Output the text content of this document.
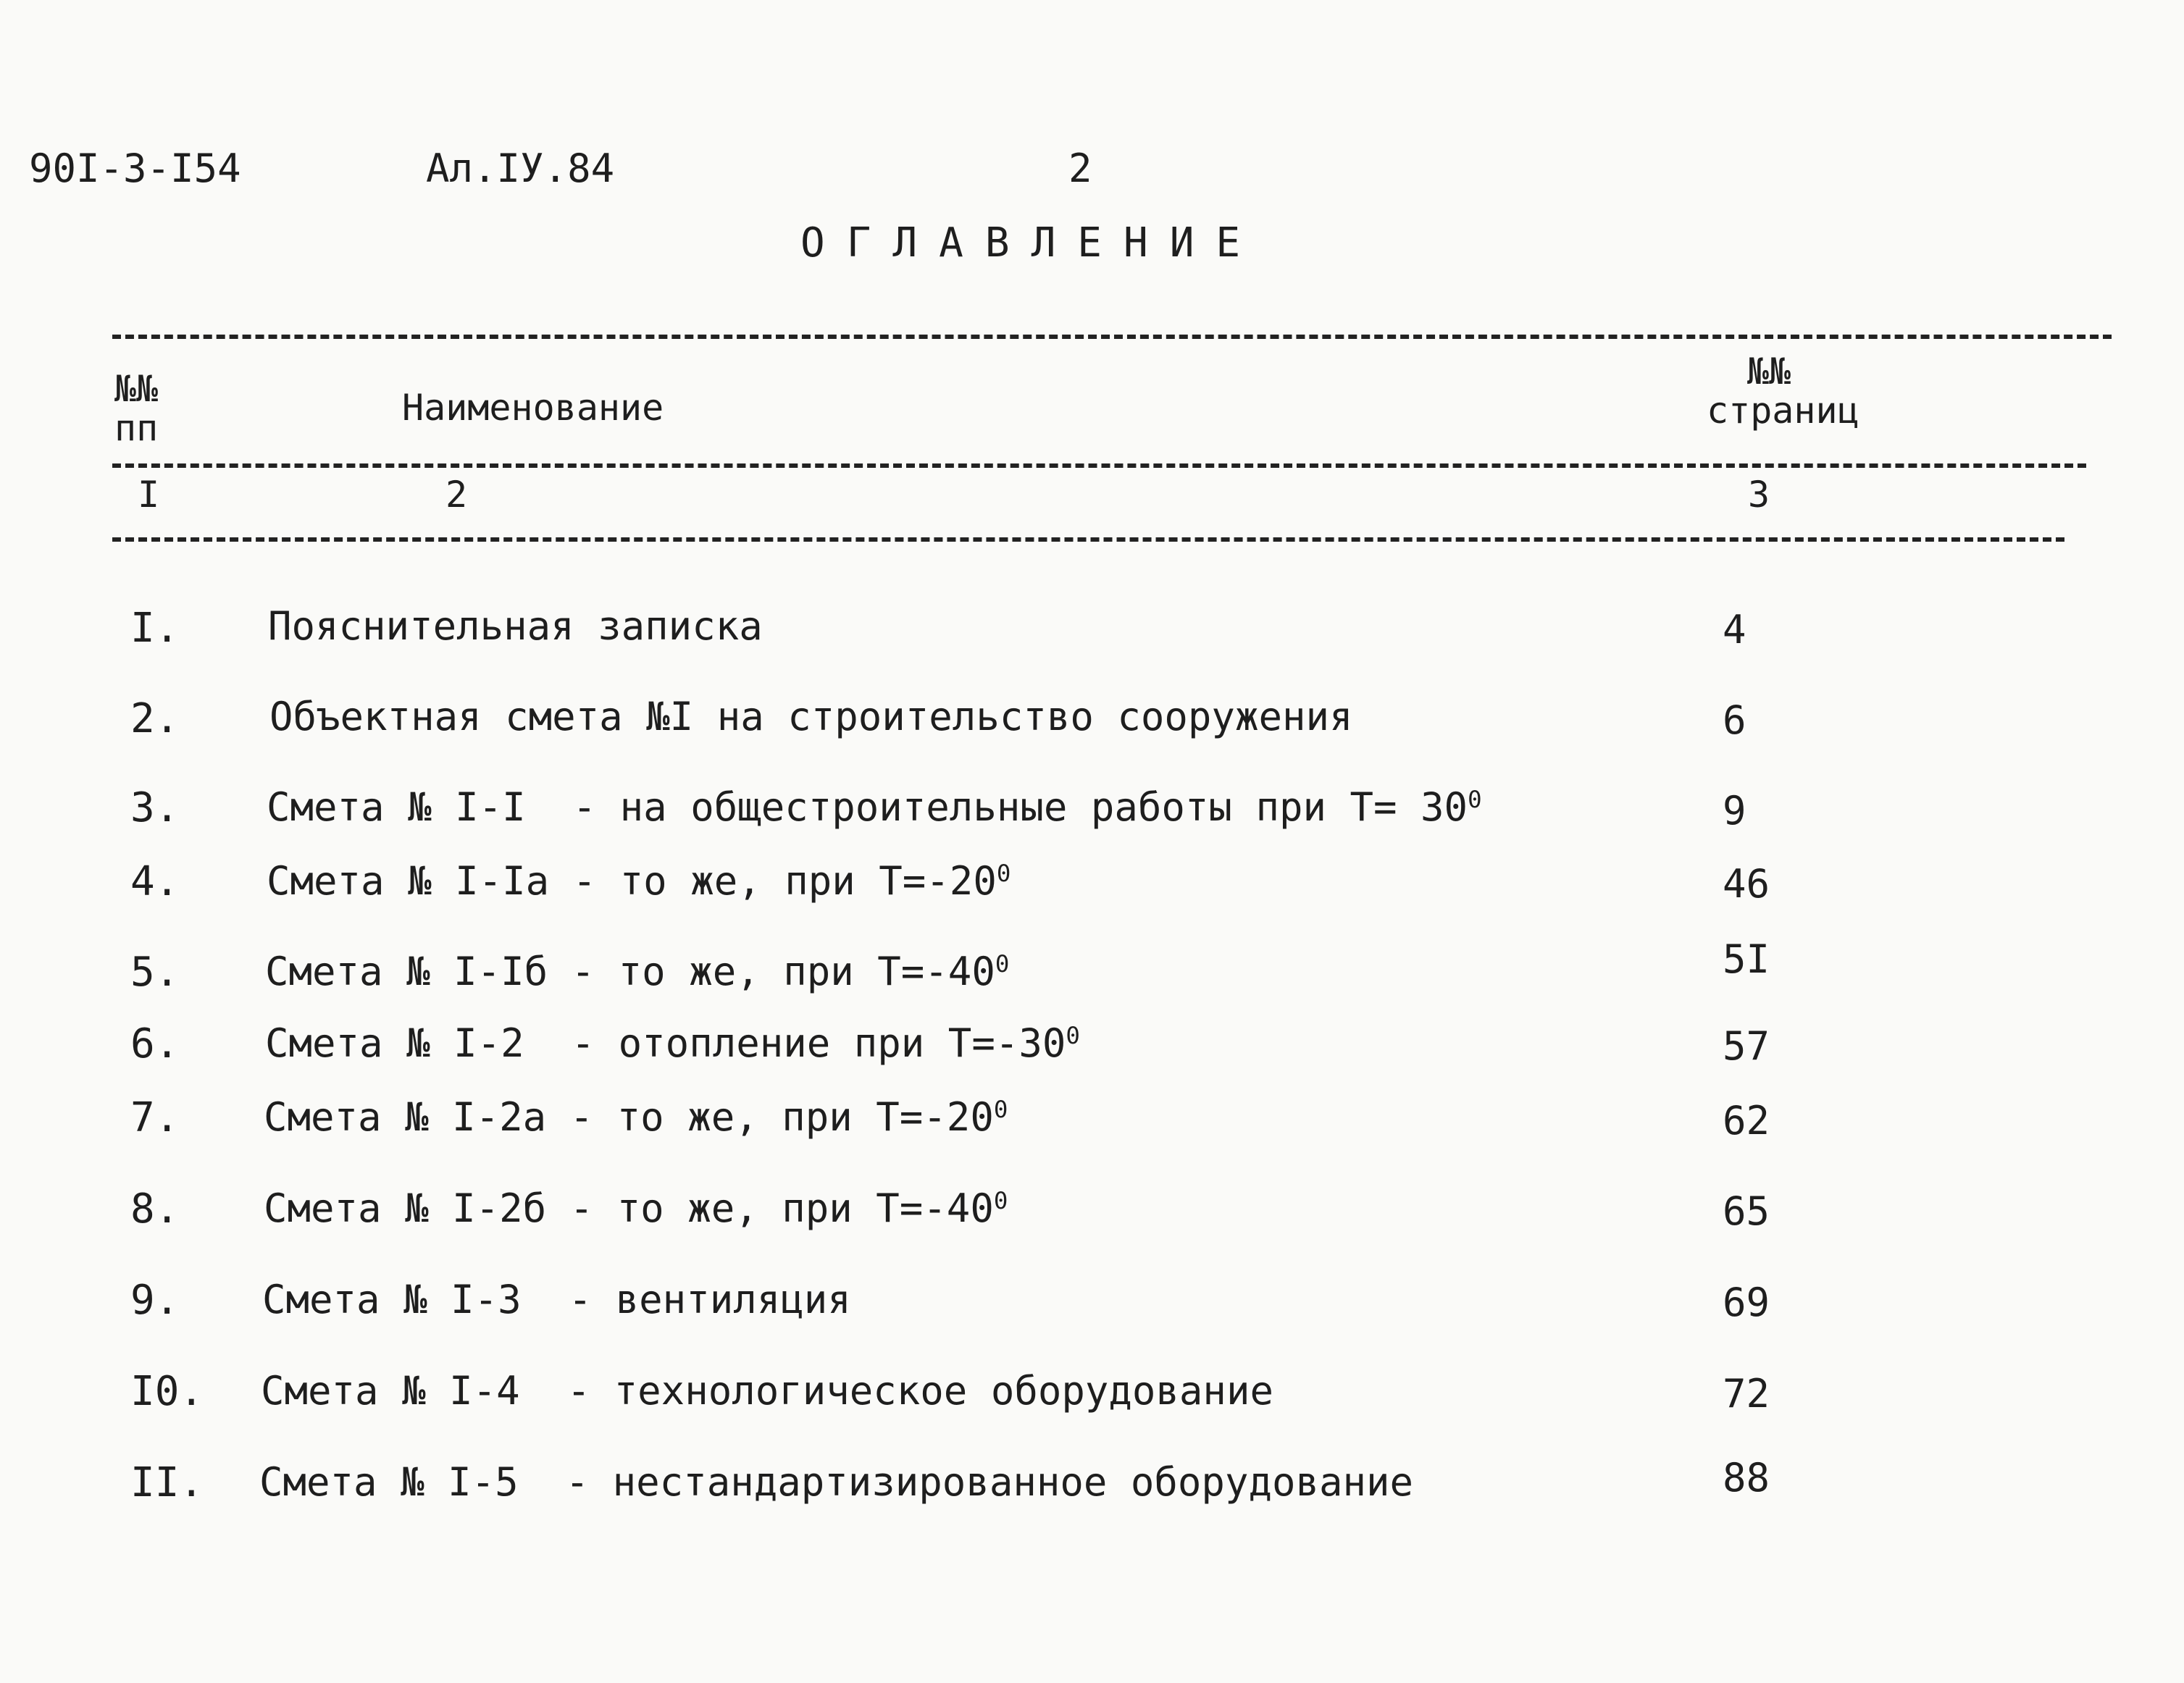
90I-3-I54	Ал.IУ.84	2
ОГЛАВЛЕНИЕ
№№
пп	Наименование
№№
страниц
I	2	3
I. Пояснительная записка	4
2. Объектная смета №I на строительство сооружения	6
3. Смета № I-I  - на общестроительные работы при $Т= 30^0$	9
4. Смета № I-Iа - то же, при $Т=-20^0$	46
5. Смета № I-Iб - то же, при $Т=-40^0$	5I
6. Смета № I-2  - отопление при $Т=-30^0$	57
7. Смета № I-2а - то же, при $Т=-20^0$	62
8. Смета № I-2б - то же, при $Т=-40^0$	65
9. Смета № I-3  - вентиляция	69
I0. Смета № I-4  - технологическое оборудование	72
II. Смета № I-5  - нестандартизированное оборудование	88
